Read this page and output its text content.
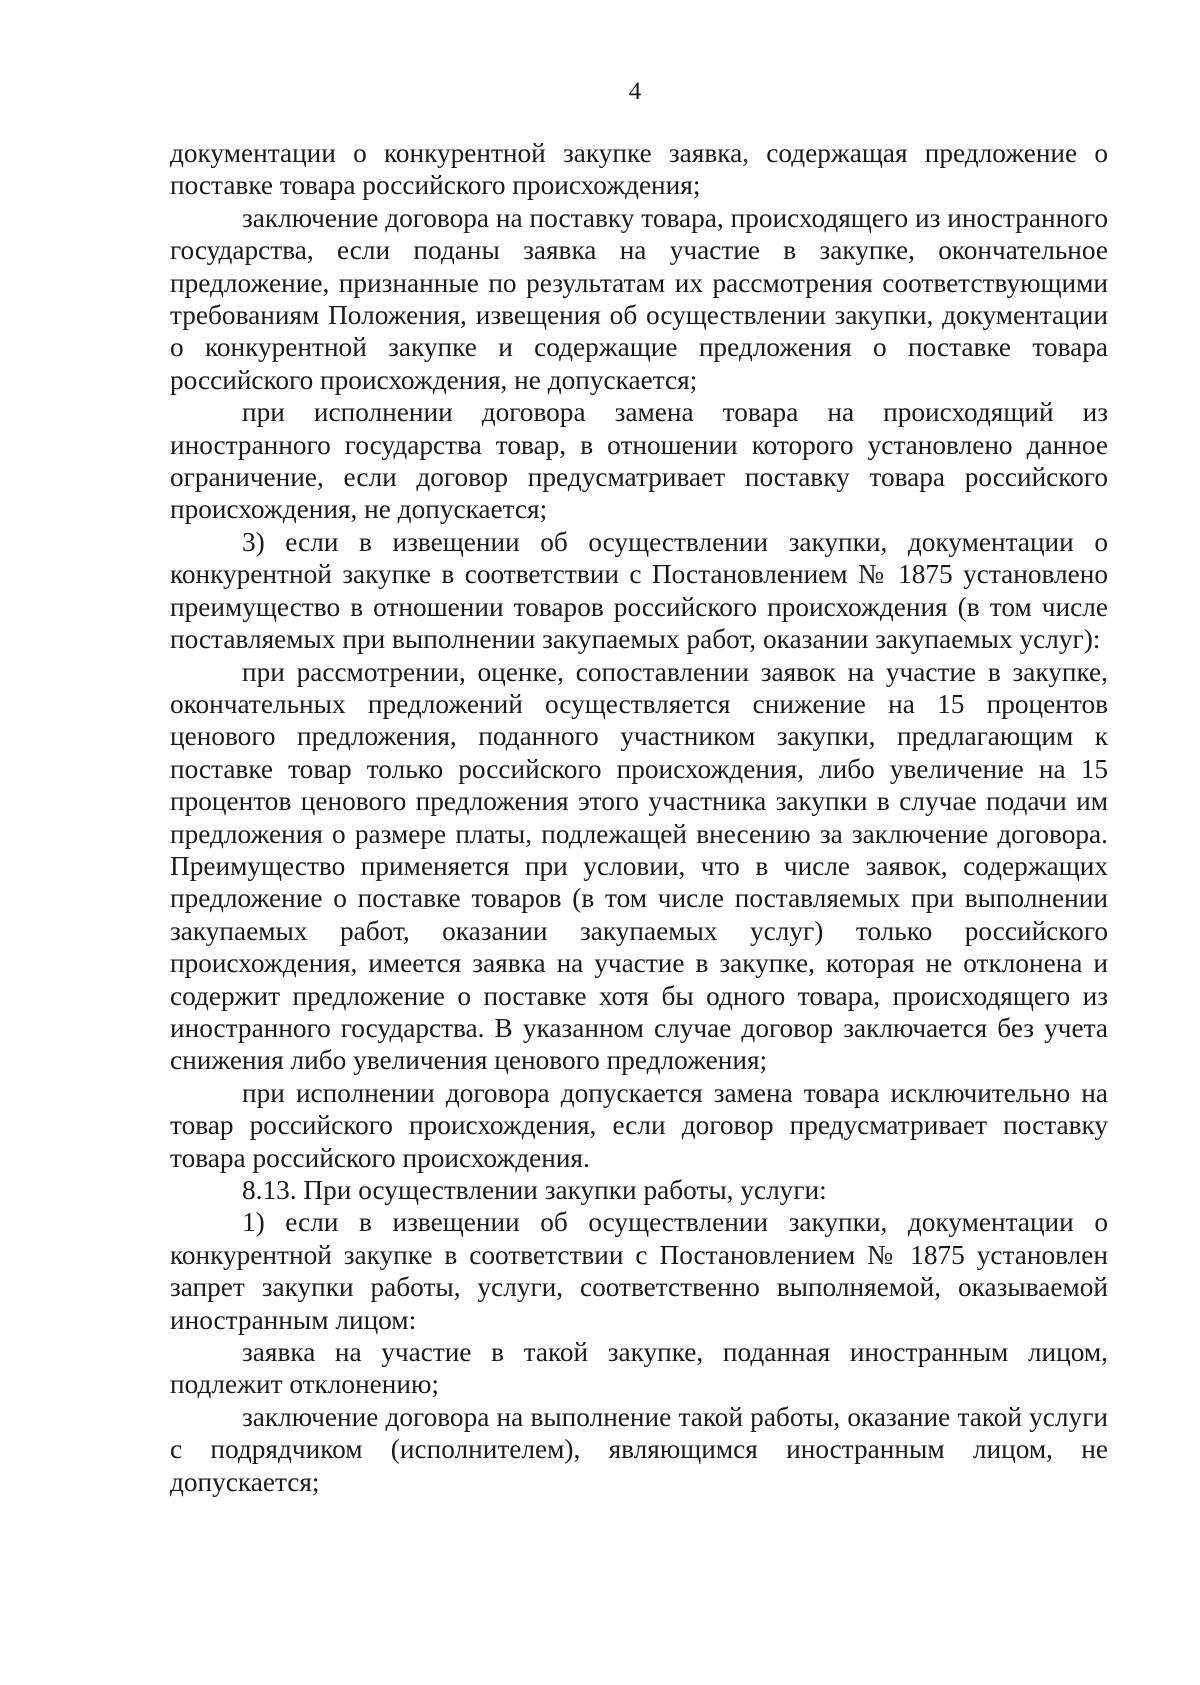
4

документации о конкурентной закупке заявка, содержащая предложение о поставке товара российского происхождения;

заключение договора на поставку товара, происходящего из иностранного государства, если поданы заявка на участие в закупке, окончательное предложение, признанные по результатам их рассмотрения соответствующими требованиям Положения, извещения об осуществлении закупки, документации о конкурентной закупке и содержащие предложения о поставке товара российского происхождения, не допускается;

при исполнении договора замена товара на происходящий из иностранного государства товар, в отношении которого установлено данное ограничение, если договор предусматривает поставку товара российского происхождения, не допускается;

3) если в извещении об осуществлении закупки, документации о конкурентной закупке в соответствии с Постановлением № 1875 установлено преимущество в отношении товаров российского происхождения (в том числе поставляемых при выполнении закупаемых работ, оказании закупаемых услуг):

при рассмотрении, оценке, сопоставлении заявок на участие в закупке, окончательных предложений осуществляется снижение на 15 процентов ценового предложения, поданного участником закупки, предлагающим к поставке товар только российского происхождения, либо увеличение на 15 процентов ценового предложения этого участника закупки в случае подачи им предложения о размере платы, подлежащей внесению за заключение договора. Преимущество применяется при условии, что в числе заявок, содержащих предложение о поставке товаров (в том числе поставляемых при выполнении закупаемых работ, оказании закупаемых услуг) только российского происхождения, имеется заявка на участие в закупке, которая не отклонена и содержит предложение о поставке хотя бы одного товара, происходящего из иностранного государства. В указанном случае договор заключается без учета снижения либо увеличения ценового предложения;

при исполнении договора допускается замена товара исключительно на товар российского происхождения, если договор предусматривает поставку товара российского происхождения.

8.13. При осуществлении закупки работы, услуги:

1) если в извещении об осуществлении закупки, документации о конкурентной закупке в соответствии с Постановлением № 1875 установлен запрет закупки работы, услуги, соответственно выполняемой, оказываемой иностранным лицом:

заявка на участие в такой закупке, поданная иностранным лицом, подлежит отклонению;

заключение договора на выполнение такой работы, оказание такой услуги с подрядчиком (исполнителем), являющимся иностранным лицом, не допускается;
